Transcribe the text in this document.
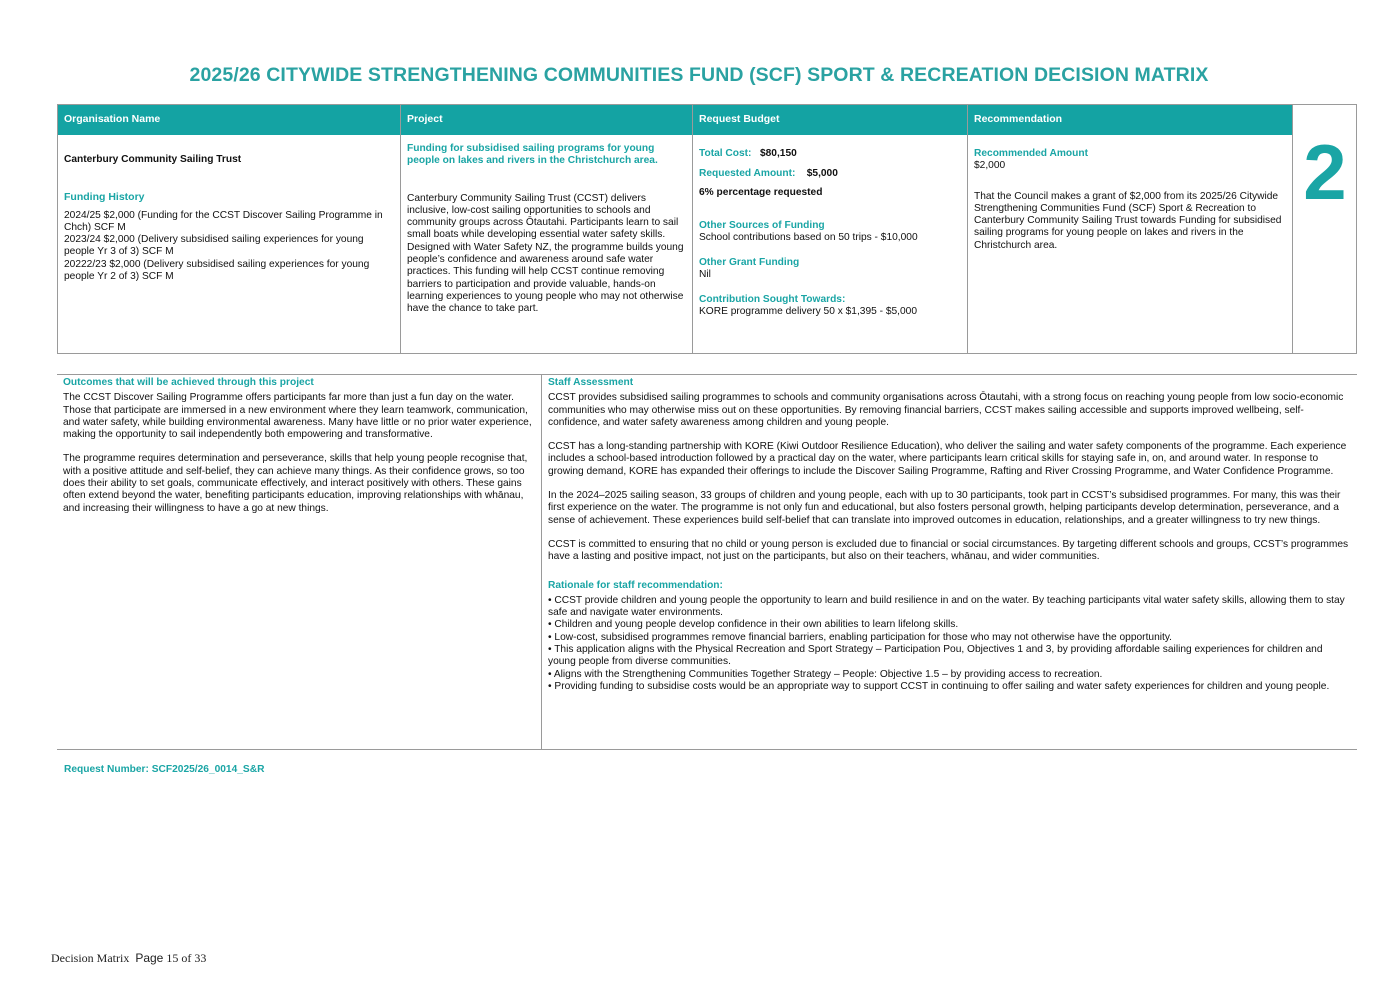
2025/26 CITYWIDE STRENGTHENING COMMUNITIES FUND (SCF) SPORT & RECREATION DECISION MATRIX
Organisation Name

Canterbury Community Sailing Trust

Funding History

2024/25 $2,000 (Funding for the CCST Discover Sailing Programme in Chch) SCF M

2023/24 $2,000 (Delivery subsidised sailing experiences for young people Yr 3 of 3) SCF M

20222/23 $2,000 (Delivery subsidised sailing experiences for young people Yr 2 of 3) SCF M

Project

Funding for subsidised sailing programs for young people on lakes and rivers in the Christchurch area.

Canterbury Community Sailing Trust (CCST) delivers inclusive, low-cost sailing opportunities to schools and community groups across Ōtautahi. Participants learn to sail small boats while developing essential water safety skills. Designed with Water Safety NZ, the programme builds young people’s confidence and awareness around safe water practices. This funding will help CCST continue removing barriers to participation and provide valuable, hands-on learning experiences to young people who may not otherwise have the chance to take part.

Request Budget

Total Cost: $80,150

Requested Amount: $5,000

6% percentage requested

Other Sources of Funding

School contributions based on 50 trips - $10,000

Other Grant Funding

Nil

Contribution Sought Towards:

KORE programme delivery 50 x $1,395 - $5,000

Recommendation

Recommended Amount

$2,000

That the Council makes a grant of $2,000 from its 2025/26 Citywide Strengthening Communities Fund (SCF) Sport & Recreation to Canterbury Community Sailing Trust towards Funding for subsidised sailing programs for young people on lakes and rivers in the Christchurch area.

2

Outcomes that will be achieved through this project

The CCST Discover Sailing Programme offers participants far more than just a fun day on the water. Those that participate are immersed in a new environment where they learn teamwork, communication, and water safety, while building environmental awareness. Many have little or no prior water experience, making the opportunity to sail independently both empowering and transformative.

The programme requires determination and perseverance, skills that help young people recognise that, with a positive attitude and self-belief, they can achieve many things. As their confidence grows, so too does their ability to set goals, communicate effectively, and interact positively with others. These gains often extend beyond the water, benefiting participants education, improving relationships with whānau, and increasing their willingness to have a go at new things.

Staff Assessment

CCST provides subsidised sailing programmes to schools and community organisations across Ōtautahi, with a strong focus on reaching young people from low socio-economic communities who may otherwise miss out on these opportunities. By removing financial barriers, CCST makes sailing accessible and supports improved wellbeing, self-confidence, and water safety awareness among children and young people.

CCST has a long-standing partnership with KORE (Kiwi Outdoor Resilience Education), who deliver the sailing and water safety components of the programme. Each experience includes a school-based introduction followed by a practical day on the water, where participants learn critical skills for staying safe in, on, and around water. In response to growing demand, KORE has expanded their offerings to include the Discover Sailing Programme, Rafting and River Crossing Programme, and Water Confidence Programme.

In the 2024–2025 sailing season, 33 groups of children and young people, each with up to 30 participants, took part in CCST’s subsidised programmes. For many, this was their first experience on the water. The programme is not only fun and educational, but also fosters personal growth, helping participants develop determination, perseverance, and a sense of achievement. These experiences build self-belief that can translate into improved outcomes in education, relationships, and a greater willingness to try new things.

CCST is committed to ensuring that no child or young person is excluded due to financial or social circumstances. By targeting different schools and groups, CCST’s programmes have a lasting and positive impact, not just on the participants, but also on their teachers, whānau, and wider communities.

Rationale for staff recommendation:

• CCST provide children and young people the opportunity to learn and build resilience in and on the water. By teaching participants vital water safety skills, allowing them to stay safe and navigate water environments.

• Children and young people develop confidence in their own abilities to learn lifelong skills.

• Low-cost, subsidised programmes remove financial barriers, enabling participation for those who may not otherwise have the opportunity.

• This application aligns with the Physical Recreation and Sport Strategy – Participation Pou, Objectives 1 and 3, by providing affordable sailing experiences for children and young people from diverse communities.

• Aligns with the Strengthening Communities Together Strategy – People: Objective 1.5 – by providing access to recreation.

• Providing funding to subsidise costs would be an appropriate way to support CCST in continuing to offer sailing and water safety experiences for children and young people.

Request Number: SCF2025/26_0014_S&R
Decision Matrix Page 15 of 33
